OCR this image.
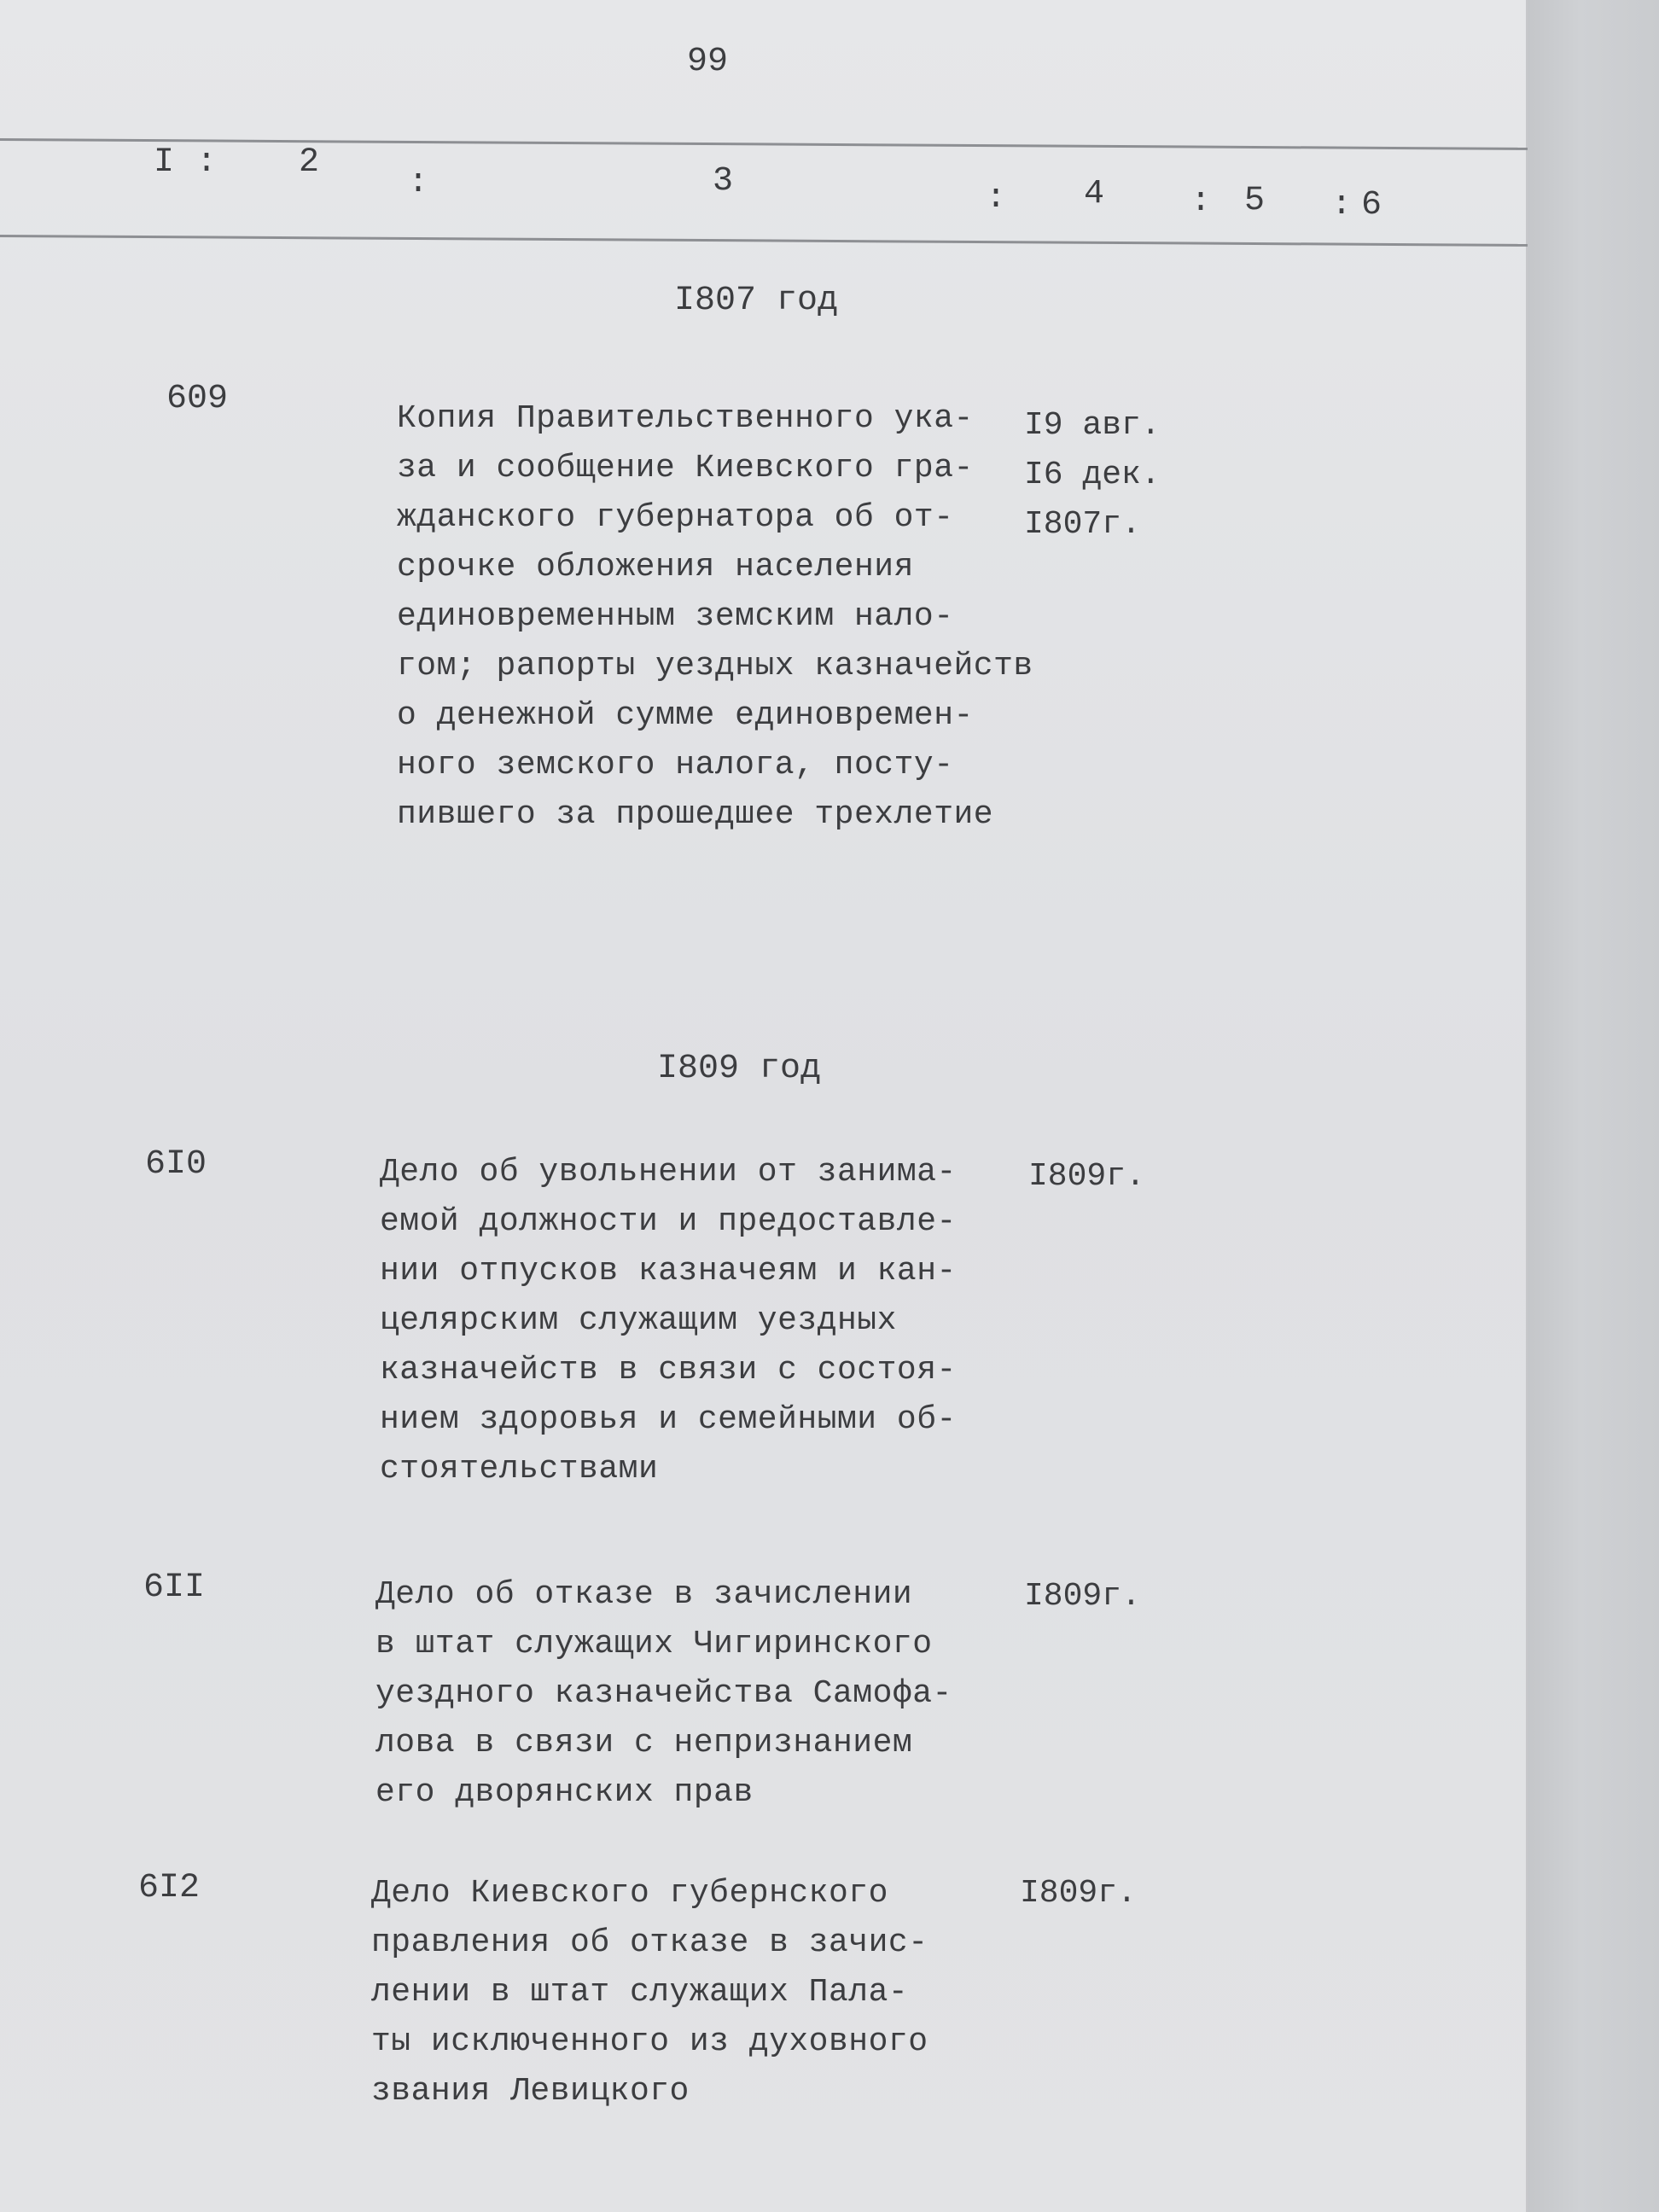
99
I : 2
:	3	: 4	: 5 : 6
I807 год
609
Копия Правительственного ука-
за и сообщение Киевского гра-
жданского губернатора об от-
срочке обложения населения
единовременным земским нало-
гом; рапорты уездных казначейств
о денежной сумме единовремен-
ного земского налога, посту-
пившего за прошедшее трехлетие
I9 авг.
I6 дек.
I807г.
I809 год
6I0	Дело об увольнении от занима-
емой должности и предоставле-
нии отпусков казначеям и кан-
целярским служащим уездных
казначейств в связи с состоя-
нием здоровья и семейными об-
стоятельствами
I809г.
6II	Дело об отказе в зачислении
в штат служащих Чигиринского
уездного казначейства Самофа-
лова в связи с непризнанием
его дворянских прав
I809г.
6I2	Дело Киевского губернского
правления об отказе в зачис-
лении в штат служащих Пала-
ты исключенного из духовного
звания Левицкого
I809г.
